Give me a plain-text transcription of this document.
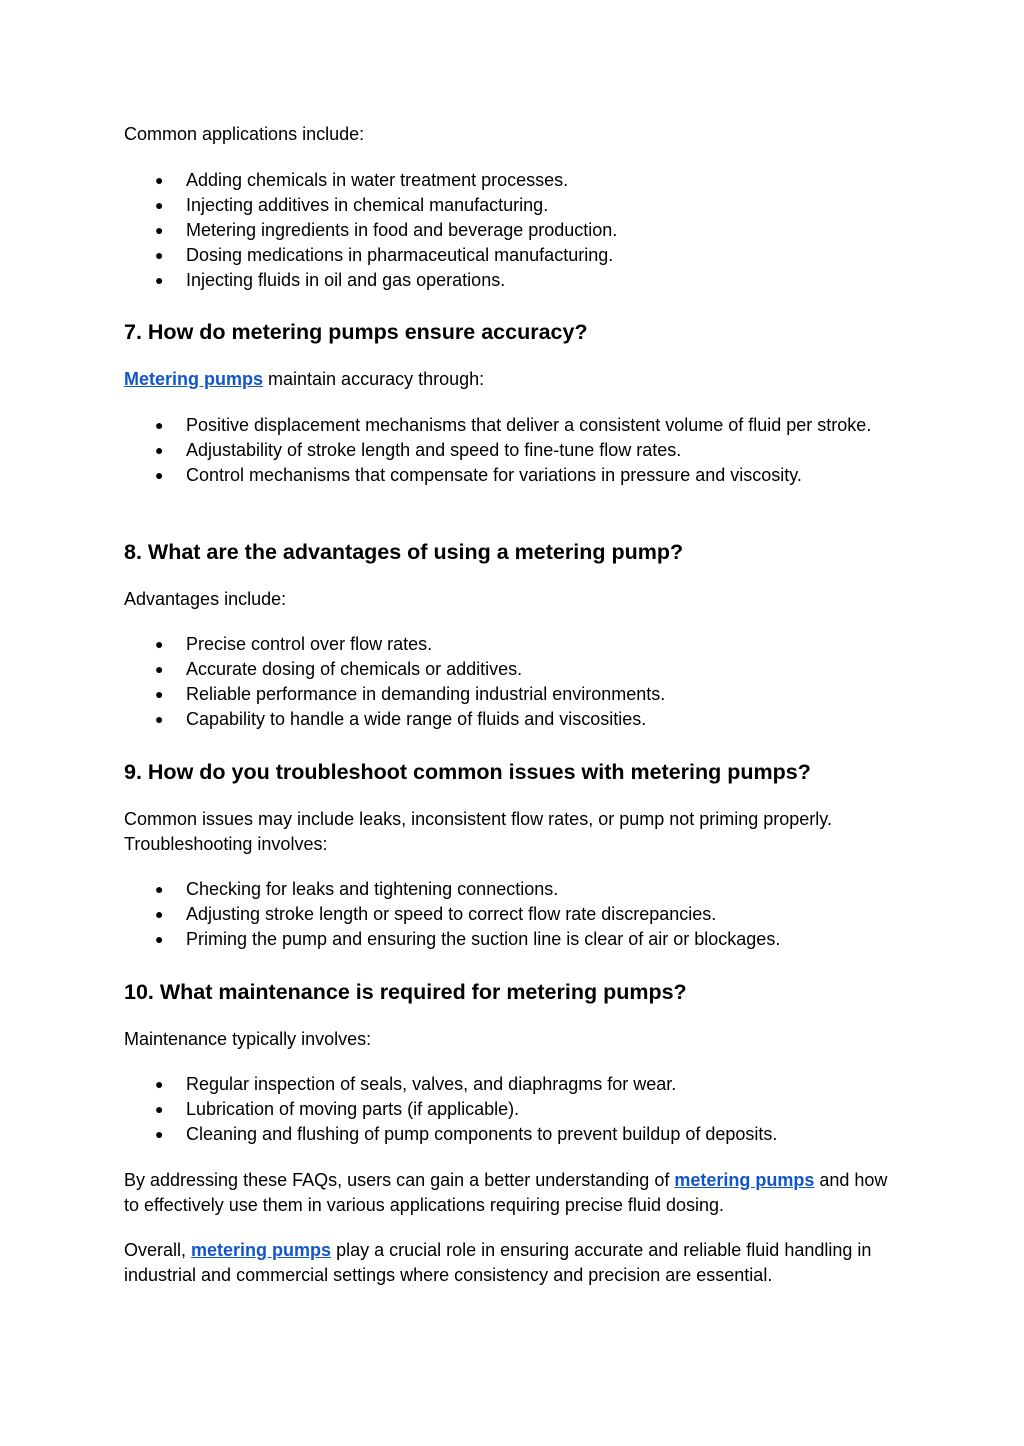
Common applications include:

● Adding chemicals in water treatment processes.
● Injecting additives in chemical manufacturing.
● Metering ingredients in food and beverage production.
● Dosing medications in pharmaceutical manufacturing.
● Injecting fluids in oil and gas operations.
7. How do metering pumps ensure accuracy?

Metering pumps maintain accuracy through:

● Positive displacement mechanisms that deliver a consistent volume of fluid per stroke.
● Adjustability of stroke length and speed to fine-tune flow rates.
● Control mechanisms that compensate for variations in pressure and viscosity.
8. What are the advantages of using a metering pump?

Advantages include:

● Precise control over flow rates.
● Accurate dosing of chemicals or additives.
● Reliable performance in demanding industrial environments.
● Capability to handle a wide range of fluids and viscosities.
9. How do you troubleshoot common issues with metering pumps?

Common issues may include leaks, inconsistent flow rates, or pump not priming properly. Troubleshooting involves:

● Checking for leaks and tightening connections.
● Adjusting stroke length or speed to correct flow rate discrepancies.
● Priming the pump and ensuring the suction line is clear of air or blockages.
10. What maintenance is required for metering pumps?

Maintenance typically involves:

● Regular inspection of seals, valves, and diaphragms for wear.
● Lubrication of moving parts (if applicable).
● Cleaning and flushing of pump components to prevent buildup of deposits.

By addressing these FAQs, users can gain a better understanding of metering pumps and how to effectively use them in various applications requiring precise fluid dosing.

Overall, metering pumps play a crucial role in ensuring accurate and reliable fluid handling in industrial and commercial settings where consistency and precision are essential.
